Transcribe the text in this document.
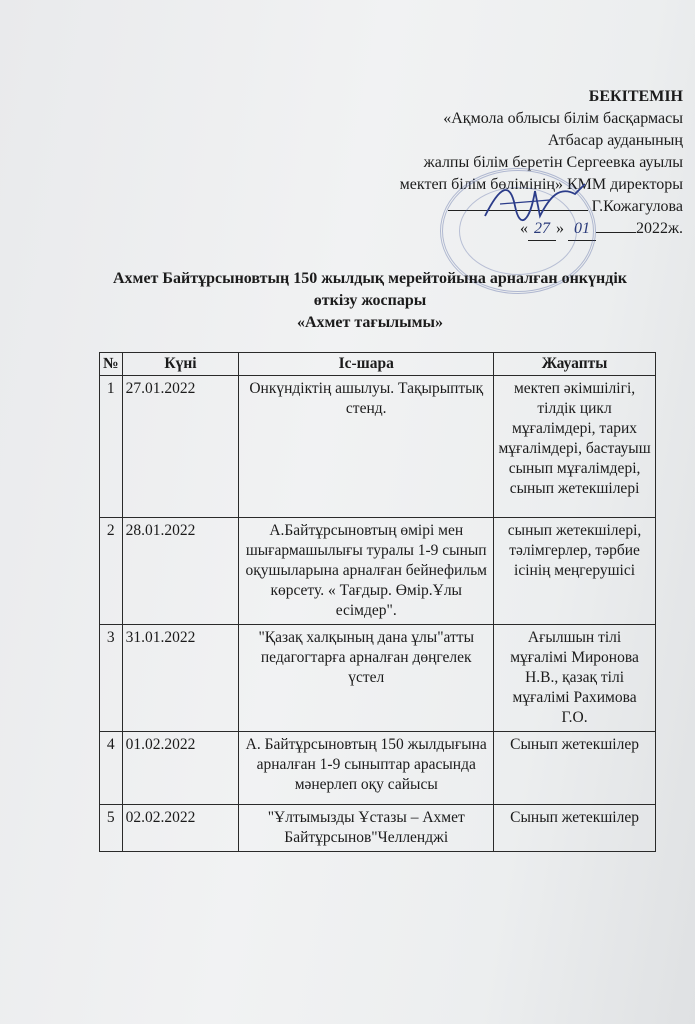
БЕКІТЕМІН
«Ақмола облысы білім басқармасы
Атбасар ауданының
жалпы білім беретін Сергеевка ауылы
мектеп білім бөлімінің» КММ директоры
Г.Кожагулова
« 27 » 01	2022ж.
Ахмет Байтұрсыновтың 150 жылдық мерейтойына арналған онкүндік
өткізу жоспары
«Ахмет тағылымы»
№	Күні	Іс-шара	Жауапты
1	27.01.2022	Онкүндіктің ашылуы. Тақырыптық стенд.	мектеп әкімшілігі, тілдік цикл мұғалімдері, тарих мұғалімдері, бастауыш сынып мұғалімдері, сынып жетекшілері
2	28.01.2022	А.Байтұрсыновтың өмірі мен шығармашылығы туралы 1-9 сынып оқушыларына арналған бейнефильм көрсету. « Тағдыр. Өмір.Ұлы есімдер".	сынып жетекшілері, тәлімгерлер, тәрбие ісінің меңгерушісі
3	31.01.2022	"Қазақ халқының дана ұлы"атты педагогтарға арналған дөңгелек үстел	Ағылшын тілі мұғалімі Миронова Н.В., қазақ тілі мұғалімі Рахимова Г.О.
4	01.02.2022	А. Байтұрсыновтың 150 жылдығына арналған 1-9 сыныптар арасында мәнерлеп оқу сайысы	Сынып жетекшілер
5	02.02.2022	"Ұлтымызды Ұстазы – Ахмет Байтұрсынов"Челленджі	Сынып жетекшілер
